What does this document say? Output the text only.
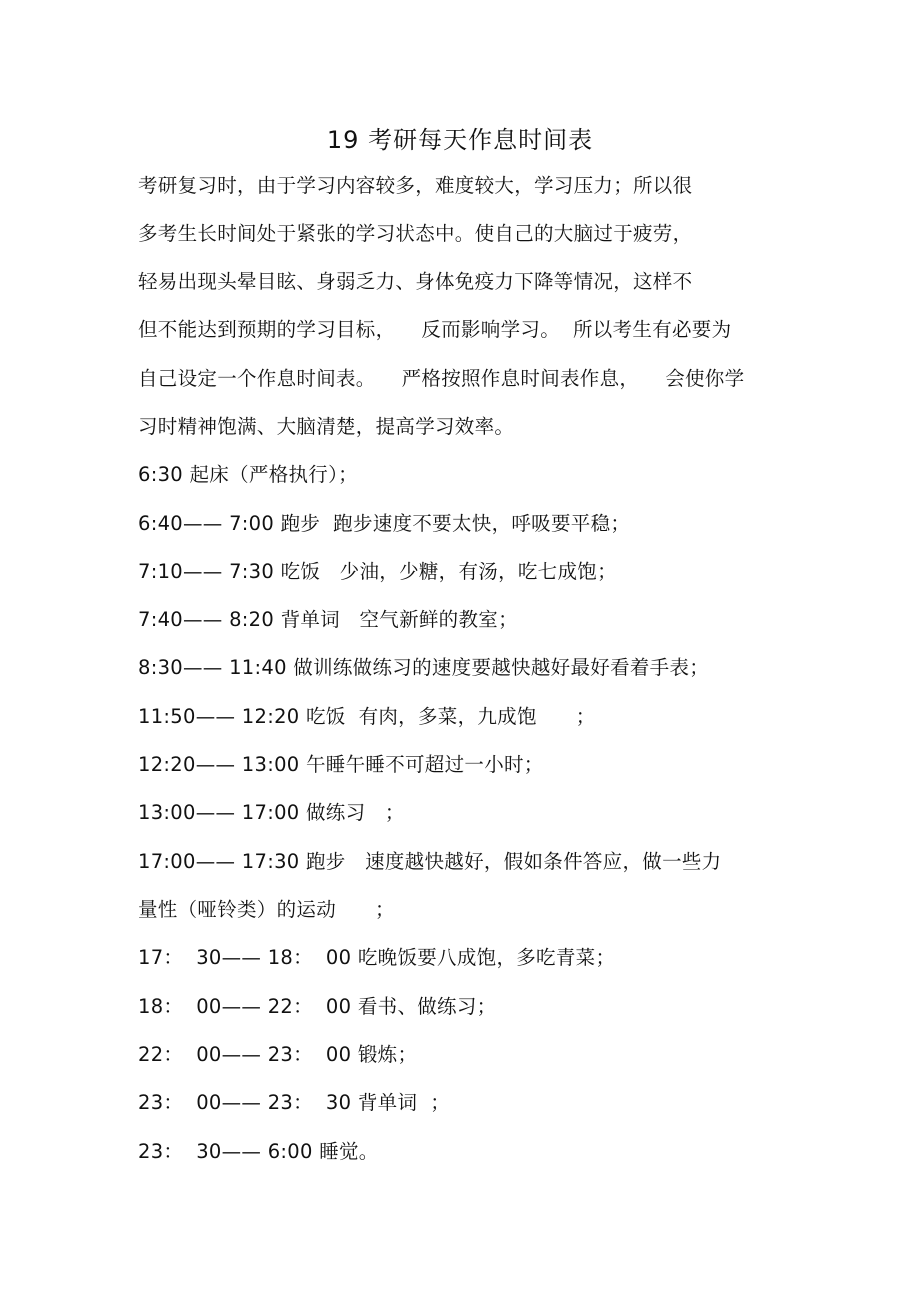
19 考研每天作息时间表
考研复习时，由于学习内容较多，难度较大，学习压力；所以很
多考生长时间处于紧张的学习状态中。使自己的大脑过于疲劳，
轻易出现头晕目眩、身弱乏力、身体免疫力下降等情况，这样不
但不能达到预期的学习目标，    反而影响学习。  所以考生有必要为
自己设定一个作息时间表。    严格按照作息时间表作息，    会使你学
习时精神饱满、大脑清楚，提高学习效率。
6:30 起床（严格执行）；
6:40—— 7:00 跑步  跑步速度不要太快，呼吸要平稳；
7:10—— 7:30 吃饭   少油，少糖，有汤，吃七成饱；
7:40—— 8:20 背单词   空气新鲜的教室；
8:30—— 11:40 做训练做练习的速度要越快越好最好看着手表；
11:50—— 12:20 吃饭  有肉，多菜，九成饱      ；
12:20—— 13:00 午睡午睡不可超过一小时；
13:00—— 17:00 做练习   ；
17:00—— 17:30 跑步   速度越快越好，假如条件答应，做一些力
量性（哑铃类）的运动      ；
17：  30—— 18：  00 吃晚饭要八成饱，多吃青菜；
18：  00—— 22：  00 看书、做练习；
22：  00—— 23：  00 锻炼；
23：  00—— 23：  30 背单词  ；
23：  30—— 6:00 睡觉。
